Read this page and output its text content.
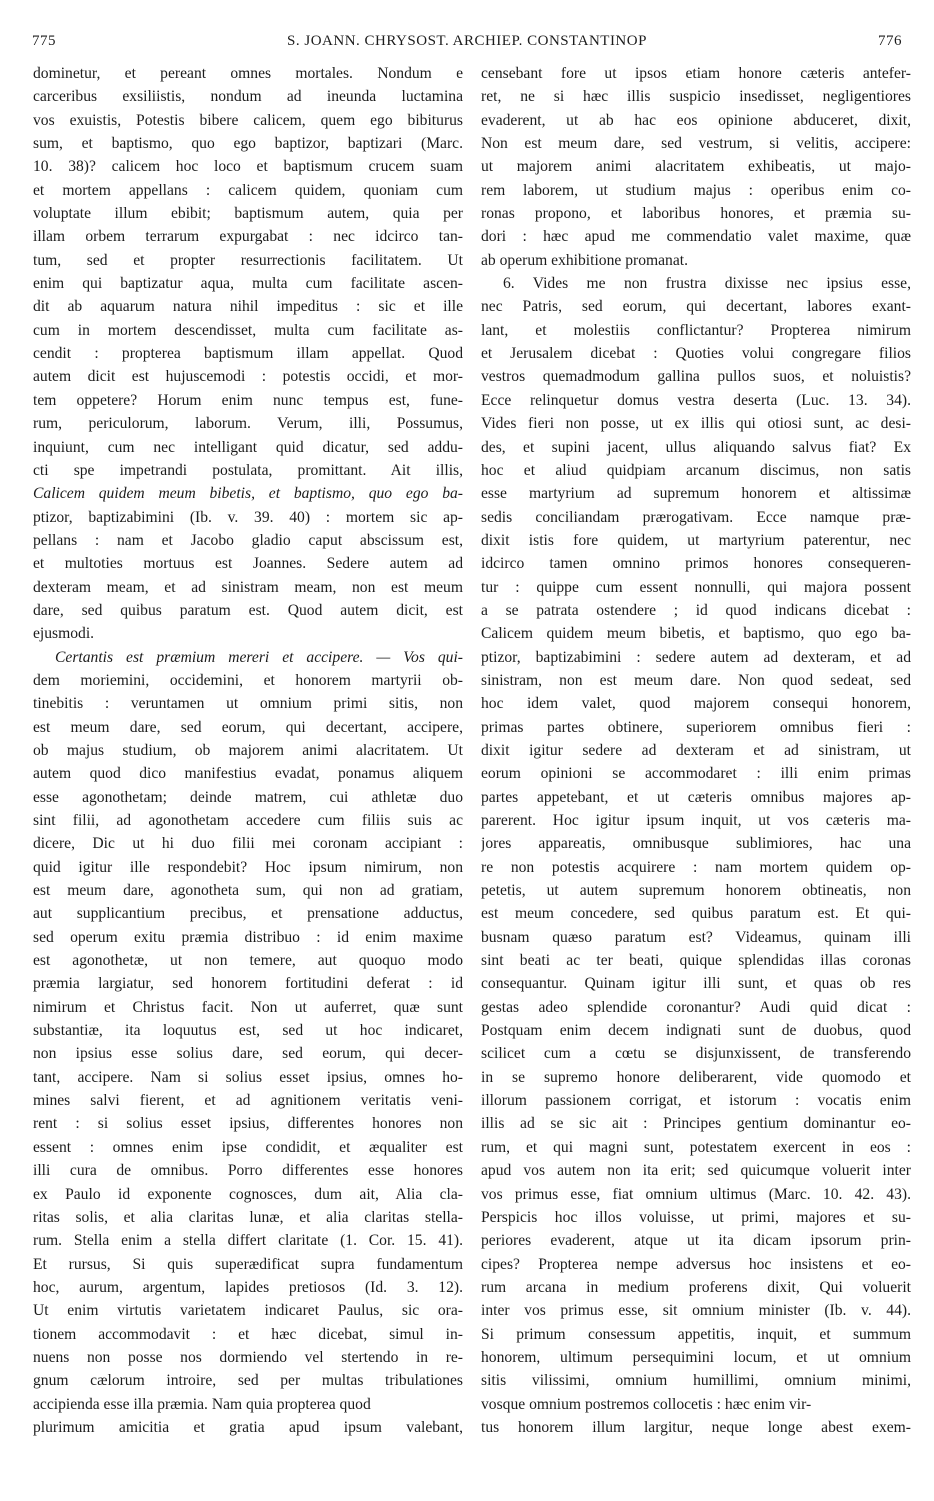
775	S. JOANN. CHRYSOST. ARCHIEP. CONSTANTINOP	776
dominetur, et pereant omnes mortales. Nondum e
carceribus exsiliistis, nondum ad ineunda luctamina
vos exuistis, Potestis bibere calicem, quem ego bibiturus
sum, et baptismo, quo ego baptizor, baptizari (Marc.
10. 38)? calicem hoc loco et baptismum crucem suam
et mortem appellans : calicem quidem, quoniam cum
voluptate illum ebibit; baptismum autem, quia per
illam orbem terrarum expurgabat : nec idcirco tan-
tum, sed et propter resurrectionis facilitatem. Ut
enim qui baptizatur aqua, multa cum facilitate ascen-
dit ab aquarum natura nihil impeditus : sic et ille
cum in mortem descendisset, multa cum facilitate as-
cendit : propterea baptismum illam appellat. Quod
autem dicit est hujuscemodi : potestis occidi, et mor-
tem oppetere? Horum enim nunc tempus est, fune-
rum, periculorum, laborum. Verum, illi, Possumus,
inquiunt, cum nec intelligant quid dicatur, sed addu-
cti spe impetrandi postulata, promittant. Ait illis,
Calicem quidem meum bibetis, et baptismo, quo ego ba-
ptizor, baptizabimini (Ib. v. 39. 40) : mortem sic ap-
pellans : nam et Jacobo gladio caput abscissum est,
et multoties mortuus est Joannes. Sedere autem ad
dexteram meam, et ad sinistram meam, non est meum
dare, sed quibus paratum est. Quod autem dicit, est
ejusmodi.
Certantis est præmium mereri et accipere. — Vos qui-
dem moriemini, occidemini, et honorem martyrii ob-
tinebitis : veruntamen ut omnium primi sitis, non
est meum dare, sed eorum, qui decertant, accipere,
ob majus studium, ob majorem animi alacritatem. Ut
autem quod dico manifestius evadat, ponamus aliquem
esse agonothetam; deinde matrem, cui athletæ duo
sint filii, ad agonothetam accedere cum filiis suis ac
dicere, Dic ut hi duo filii mei coronam accipiant :
quid igitur ille respondebit? Hoc ipsum nimirum, non
est meum dare, agonotheta sum, qui non ad gratiam,
aut supplicantium precibus, et prensatione adductus,
sed operum exitu præmia distribuo : id enim maxime
est agonothetæ, ut non temere, aut quoquo modo
præmia largiatur, sed honorem fortitudini deferat : id
nimirum et Christus facit. Non ut auferret, quæ sunt
substantiæ, ita loquutus est, sed ut hoc indicaret,
non ipsius esse solius dare, sed eorum, qui decer-
tant, accipere. Nam si solius esset ipsius, omnes ho-
mines salvi fierent, et ad agnitionem veritatis veni-
rent : si solius esset ipsius, differentes honores non
essent : omnes enim ipse condidit, et æqualiter est
illi cura de omnibus. Porro differentes esse honores
ex Paulo id exponente cognosces, dum ait, Alia cla-
ritas solis, et alia claritas lunæ, et alia claritas stella-
rum. Stella enim a stella differt claritate (1. Cor. 15. 41).
Et rursus, Si quis superædificat supra fundamentum
hoc, aurum, argentum, lapides pretiosos (Id. 3. 12).
Ut enim virtutis varietatem indicaret Paulus, sic ora-
tionem accommodavit : et hæc dicebat, simul in-
nuens non posse nos dormiendo vel stertendo in re-
gnum cælorum introire, sed per multas tribulationes
accipienda esse illa præmia. Nam quia propterea quod
plurimum amicitia et gratia apud ipsum valebant,
censebant fore ut ipsos etiam honore cæteris antefer-
ret, ne si hæc illis suspicio insedisset, negligentiores
evaderent, ut ab hac eos opinione abduceret, dixit,
Non est meum dare, sed vestrum, si velitis, accipere:
ut majorem animi alacritatem exhibeatis, ut majo-
rem laborem, ut studium majus : operibus enim co-
ronas propono, et laboribus honores, et præmia su-
dori : hæc apud me commendatio valet maxime, quæ
ab operum exhibitione promanat.
6. Vides me non frustra dixisse nec ipsius esse,
nec Patris, sed eorum, qui decertant, labores exant-
lant, et molestiis conflictantur? Propterea nimirum
et Jerusalem dicebat : Quoties volui congregare filios
vestros quemadmodum gallina pullos suos, et noluistis?
Ecce relinquetur domus vestra deserta (Luc. 13. 34).
Vides fieri non posse, ut ex illis qui otiosi sunt, ac desi-
des, et supini jacent, ullus aliquando salvus fiat? Ex
hoc et aliud quidpiam arcanum discimus, non satis
esse martyrium ad supremum honorem et altissimæ
sedis conciliandam prærogativam. Ecce namque præ-
dixit istis fore quidem, ut martyrium paterentur, nec
idcirco tamen omnino primos honores consequeren-
tur : quippe cum essent nonnulli, qui majora possent
a se patrata ostendere ; id quod indicans dicebat :
Calicem quidem meum bibetis, et baptismo, quo ego ba-
ptizor, baptizabimini : sedere autem ad dexteram, et ad
sinistram, non est meum dare. Non quod sedeat, sed
hoc idem valet, quod majorem consequi honorem,
primas partes obtinere, superiorem omnibus fieri :
dixit igitur sedere ad dexteram et ad sinistram, ut
eorum opinioni se accommodaret : illi enim primas
partes appetebant, et ut cæteris omnibus majores ap-
parerent. Hoc igitur ipsum inquit, ut vos cæteris ma-
jores appareatis, omnibusque sublimiores, hac una
re non potestis acquirere : nam mortem quidem op-
petetis, ut autem supremum honorem obtineatis, non
est meum concedere, sed quibus paratum est. Et qui-
busnam quæso paratum est? Videamus, quinam illi
sint beati ac ter beati, quique splendidas illas coronas
consequantur. Quinam igitur illi sunt, et quas ob res
gestas adeo splendide coronantur? Audi quid dicat :
Postquam enim decem indignati sunt de duobus, quod
scilicet cum a cœtu se disjunxissent, de transferendo
in se supremo honore deliberarent, vide quomodo et
illorum passionem corrigat, et istorum : vocatis enim
illis ad se sic ait : Principes gentium dominantur eo-
rum, et qui magni sunt, potestatem exercent in eos :
apud vos autem non ita erit; sed quicumque voluerit inter
vos primus esse, fiat omnium ultimus (Marc. 10. 42. 43).
Perspicis hoc illos voluisse, ut primi, majores et su-
periores evaderent, atque ut ita dicam ipsorum prin-
cipes? Propterea nempe adversus hoc insistens et eo-
rum arcana in medium proferens dixit, Qui voluerit
inter vos primus esse, sit omnium minister (Ib. v. 44).
Si primum consessum appetitis, inquit, et summum
honorem, ultimum persequimini locum, et ut omnium
sitis vilissimi, omnium humillimi, omnium minimi,
vosque omnium postremos collocetis : hæc enim vir-
tus honorem illum largitur, neque longe abest exem-
